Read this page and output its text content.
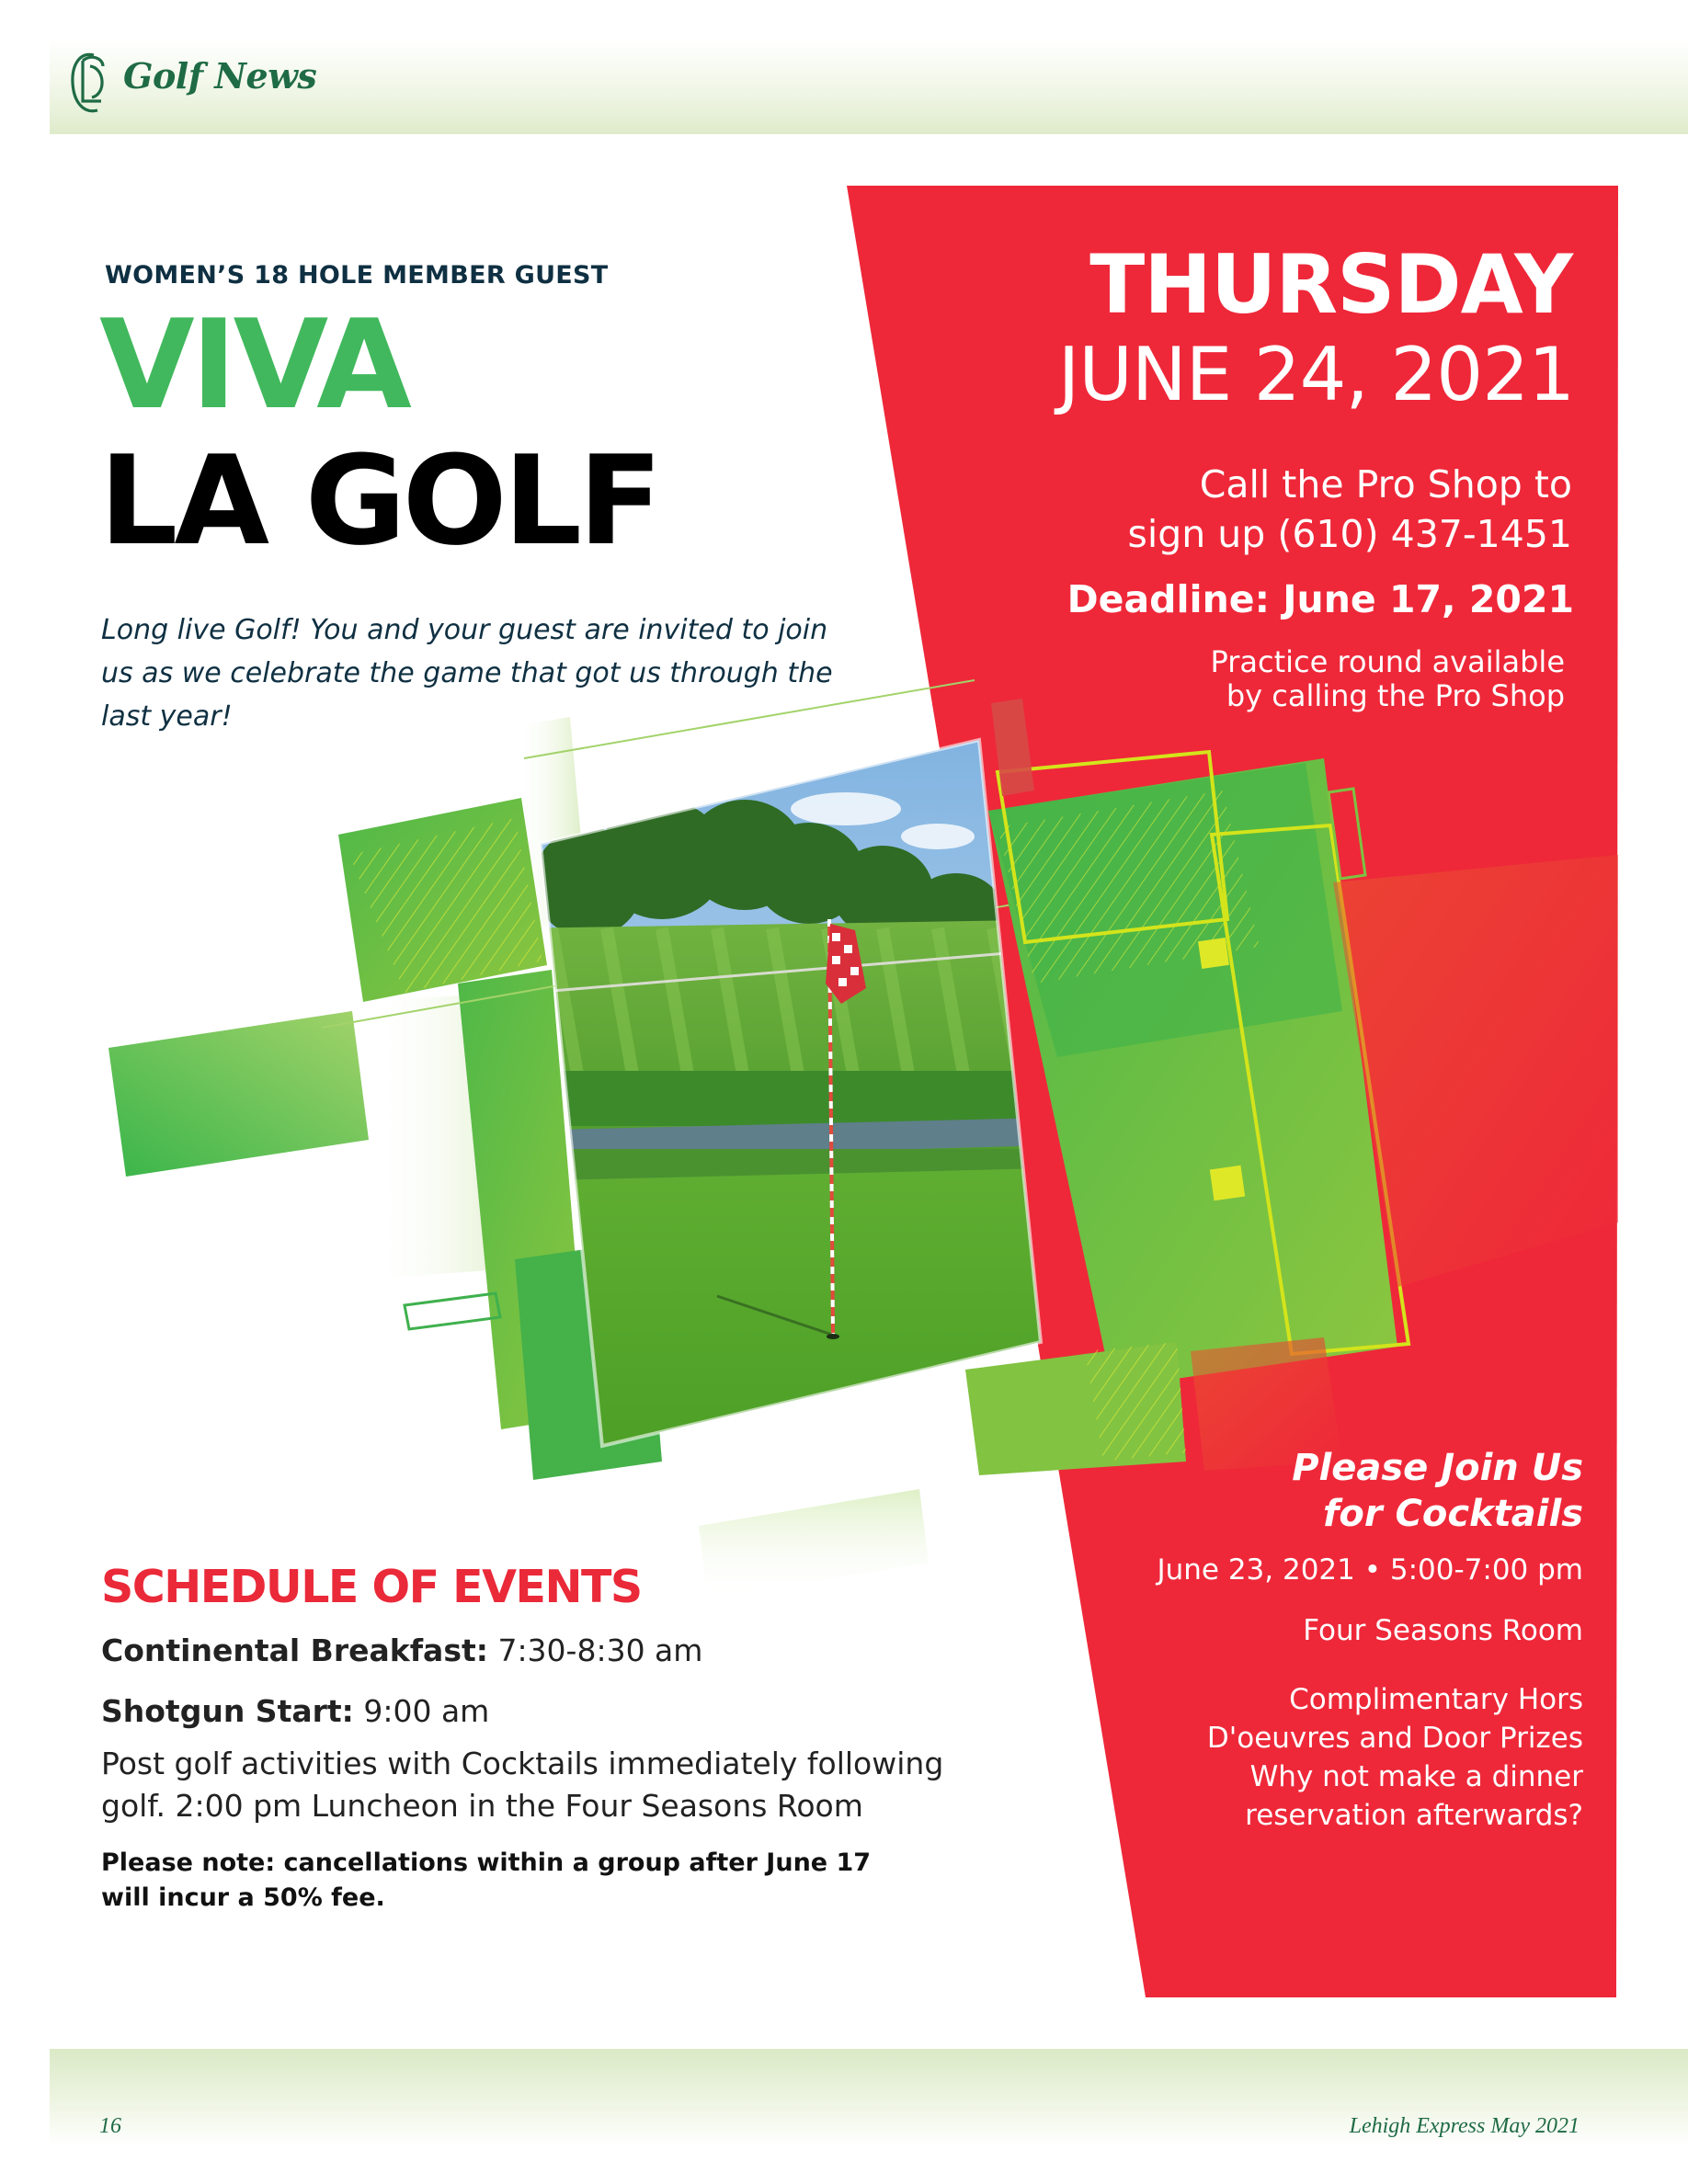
Golf News
WOMEN’S 18 HOLE MEMBER GUEST
VIVA
LA GOLF
Long live Golf! You and your guest are invited to join us as we celebrate the game that got us through the last year!
THURSDAY
JUNE 24, 2021
Call the Pro Shop to
sign up (610) 437-1451
Deadline: June 17, 2021
Practice round available
by calling the Pro Shop
Please Join Us
for Cocktails
June 23, 2021 • 5:00-7:00 pm
Four Seasons Room
Complimentary Hors
D'oeuvres and Door Prizes
Why not make a dinner
reservation afterwards?
SCHEDULE OF EVENTS
Continental Breakfast: 7:30-8:30 am
Shotgun Start: 9:00 am
Post golf activities with Cocktails immediately following
golf. 2:00 pm Luncheon in the Four Seasons Room
Please note: cancellations within a group after June 17
will incur a 50% fee.
16	Lehigh Express May 2021
